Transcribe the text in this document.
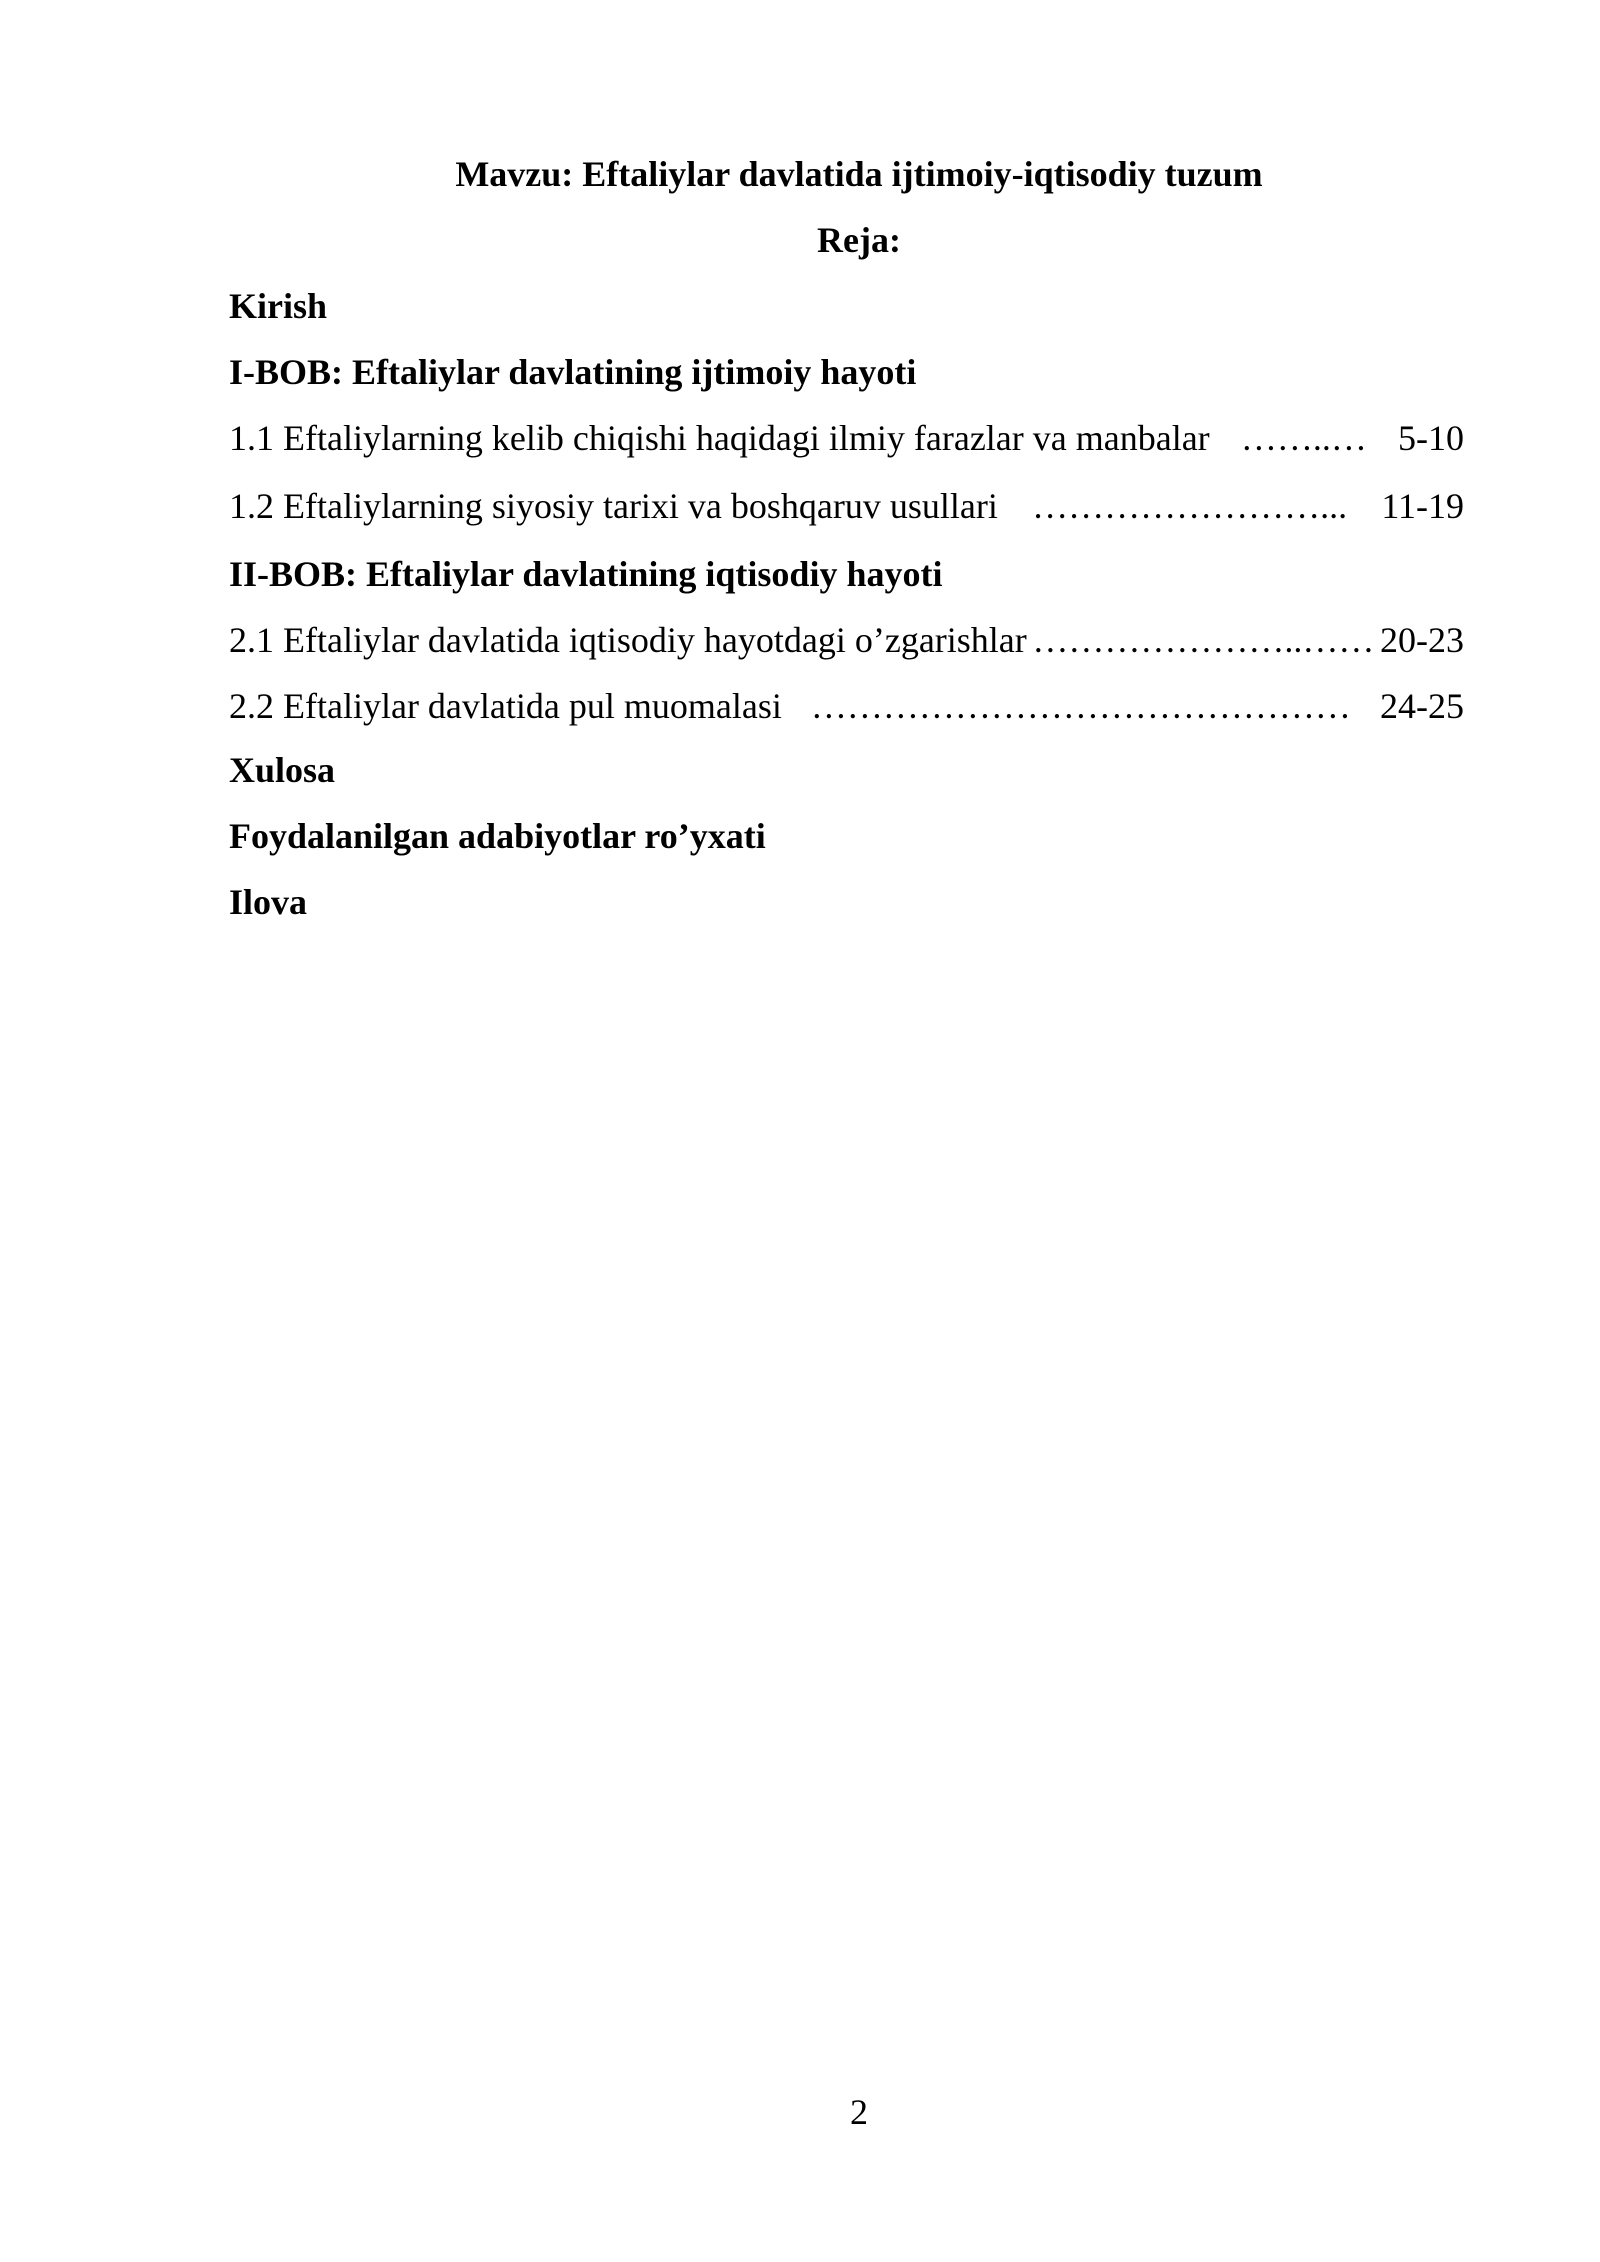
Mavzu: Eftaliylar davlatida ijtimoiy-iqtisodiy tuzum
Reja:
Kirish
I-BOB: Eftaliylar davlatining ijtimoiy hayoti
1.1 Eftaliylarning kelib chiqishi haqidagi ilmiy farazlar va manbalar ……..… 5-10
1.2 Eftaliylarning siyosiy tarixi va boshqaruv usullari ……………………... 11-19
II-BOB: Eftaliylar davlatining iqtisodiy hayoti
2.1 Eftaliylar davlatida iqtisodiy hayotdagi o’zgarishlar …………………..…… 20-23
2.2 Eftaliylar davlatida pul muomalasi ……………………………………… 24-25
Xulosa
Foydalanilgan adabiyotlar ro’yxati
Ilova
2
